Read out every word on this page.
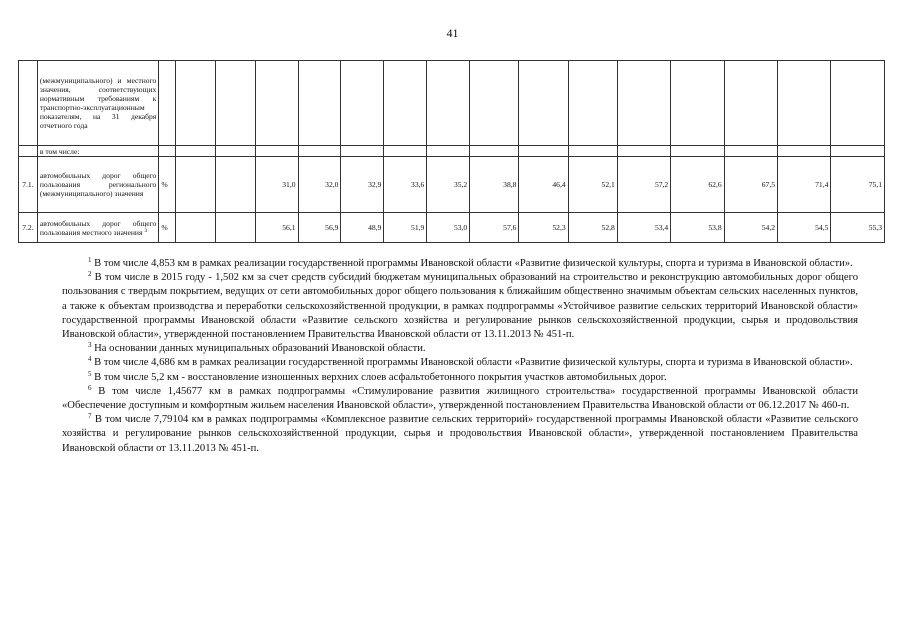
41
	(межмуниципального) и местного значения, соответствующих нормативным требованиям к транспортно-эксплуатационным показателям, на 31 декабря отчетного года																
	в том числе:																
7.1.	автомобильных дорог общего пользования регионального (межмуниципального) значения	%			31,0	32,0	32,9	33,6	35,2	38,8	46,4	52,1	57,2	62,6	67,5	71,4	75,1
7.2.	автомобильных дорог общего пользования местного значения $^3$	%			56,1	56,9	48,9	51,9	53,0	57,6	52,3	52,8	53,4	53,8	54,2	54,5	55,3

$^1$ В том числе 4,853 км в рамках реализации государственной программы Ивановской области «Развитие физической культуры, спорта и туризма в Ивановской области».

$^2$ В том числе в 2015 году - 1,502 км за счет средств субсидий бюджетам муниципальных образований на строительство и реконструкцию автомобильных дорог общего пользования с твердым покрытием, ведущих от сети автомобильных дорог общего пользования к ближайшим общественно значимым объектам сельских населенных пунктов, а также к объектам производства и переработки сельскохозяйственной продукции, в рамках подпрограммы «Устойчивое развитие сельских территорий Ивановской области» государственной программы Ивановской области «Развитие сельского хозяйства и регулирование рынков сельскохозяйственной продукции, сырья и продовольствия Ивановской области», утвержденной постановлением Правительства Ивановской области от 13.11.2013 № 451-п.

$^3$ На основании данных муниципальных образований Ивановской области.

$^4$ В том числе 4,686 км в рамках реализации государственной программы Ивановской области «Развитие физической культуры, спорта и туризма в Ивановской области».

$^5$ В том числе 5,2 км - восстановление изношенных верхних слоев асфальтобетонного покрытия участков автомобильных дорог.

$^6$ В том числе 1,45677 км в рамках подпрограммы «Стимулирование развития жилищного строительства» государственной программы Ивановской области «Обеспечение доступным и комфортным жильем населения Ивановской области», утвержденной постановлением Правительства Ивановской области от 06.12.2017 № 460-п.

$^7$ В том числе 7,79104 км в рамках подпрограммы «Комплексное развитие сельских территорий» государственной программы Ивановской области «Развитие сельского хозяйства и регулирование рынков сельскохозяйственной продукции, сырья и продовольствия Ивановской области», утвержденной постановлением Правительства Ивановской области от 13.11.2013 № 451-п.
